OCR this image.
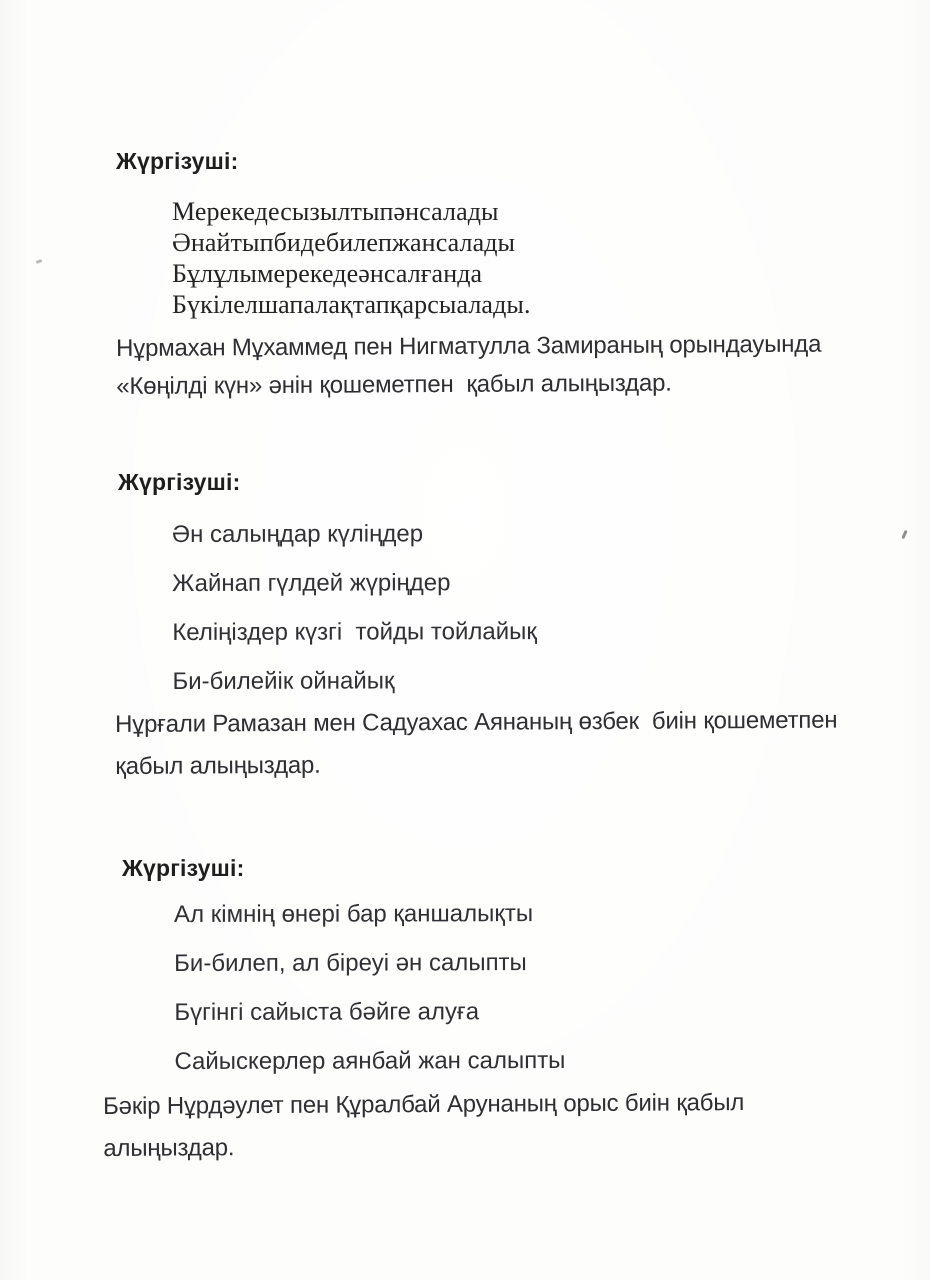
Жүргізуші:
Мерекедесызылтыпәнсалады
Әнайтыпбидебилепжансалады
Бұлұлымерекедеәнсалғанда
Бүкілелшапалақтапқарсыалады.
Нұрмахан Мұхаммед пен Нигматулла Замираның орындауында
«Көңілді күн» әнін қошеметпен  қабыл алыңыздар.
Жүргізуші:
Ән салыңдар күліңдер
Жайнап гүлдей жүріңдер
Келіңіздер күзгі  тойды тойлайық
Би-билейік ойнайық
Нұрғали Рамазан мен Садуахас Аянаның өзбек  биін қошеметпен
қабыл алыңыздар.
Жүргізуші:
Ал кімнің өнері бар қаншалықты
Би-билеп, ал біреуі ән салыпты
Бүгінгі сайыста бәйге алуға
Сайыскерлер аянбай жан салыпты
Бәкір Нұрдәулет пен Құралбай Арунаның орыс биін қабыл
алыңыздар.
